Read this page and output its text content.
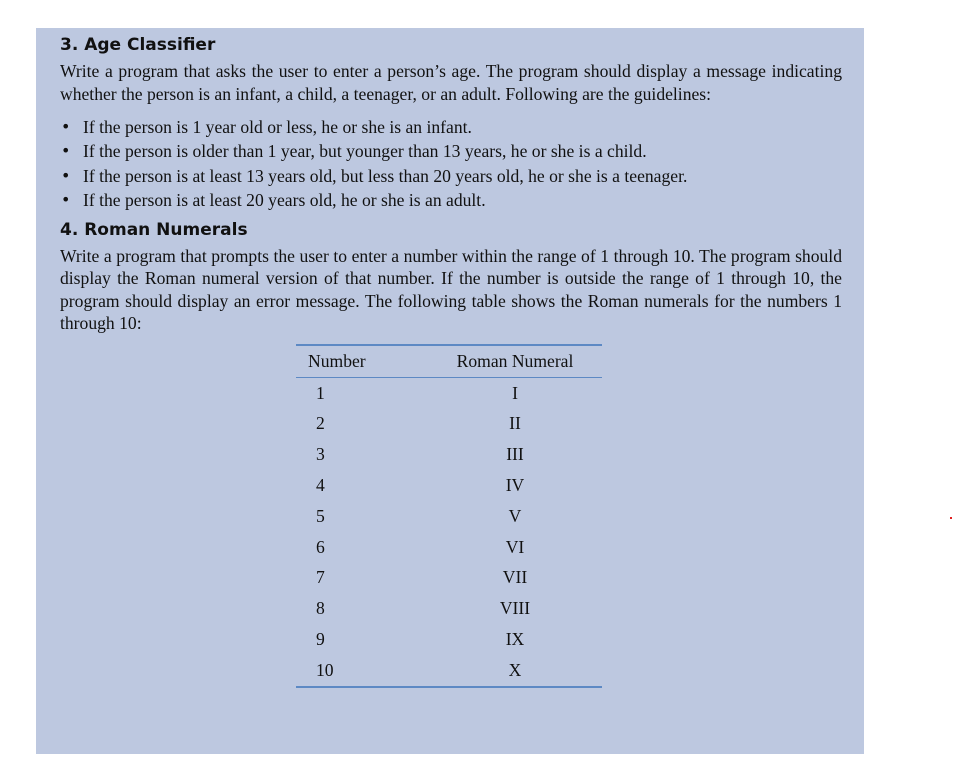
3. Age Classifier

Write a program that asks the user to enter a person’s age. The program should display a message indicating whether the person is an infant, a child, a teenager, or an adult. Following are the guidelines:

• If the person is 1 year old or less, he or she is an infant.
• If the person is older than 1 year, but younger than 13 years, he or she is a child.
• If the person is at least 13 years old, but less than 20 years old, he or she is a teenager.
• If the person is at least 20 years old, he or she is an adult.
4. Roman Numerals

Write a program that prompts the user to enter a number within the range of 1 through 10. The program should display the Roman numeral version of that number. If the number is outside the range of 1 through 10, the program should display an error message. The following table shows the Roman numerals for the numbers 1 through 10:

Number	Roman Numeral
1	I
2	II
3	III
4	IV
5	V
6	VI
7	VII
8	VIII
9	IX
10	X
